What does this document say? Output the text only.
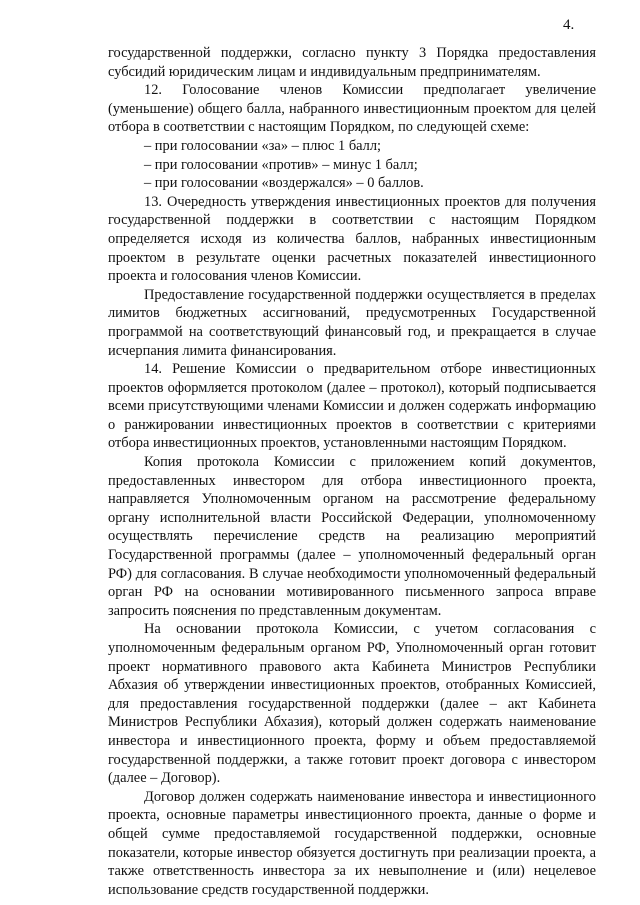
4.

государственной поддержки, согласно пункту 3 Порядка предоставления субсидий юридическим лицам и индивидуальным предпринимателям.

12. Голосование членов Комиссии предполагает увеличение (уменьшение) общего балла, набранного инвестиционным проектом для целей отбора в соответствии с настоящим Порядком, по следующей схеме:

– при голосовании «за» – плюс 1 балл;

– при голосовании «против» – минус 1 балл;

– при голосовании «воздержался» – 0 баллов.

13. Очередность утверждения инвестиционных проектов для получения государственной поддержки в соответствии с настоящим Порядком определяется исходя из количества баллов, набранных инвестиционным проектом в результате оценки расчетных показателей инвестиционного проекта и голосования членов Комиссии.

Предоставление государственной поддержки осуществляется в пределах лимитов бюджетных ассигнований, предусмотренных Государственной программой на соответствующий финансовый год, и прекращается в случае исчерпания лимита финансирования.

14. Решение Комиссии о предварительном отборе инвестиционных проектов оформляется протоколом (далее – протокол), который подписывается всеми присутствующими членами Комиссии и должен содержать информацию о ранжировании инвестиционных проектов в соответствии с критериями отбора инвестиционных проектов, установленными настоящим Порядком.

Копия протокола Комиссии с приложением копий документов, предоставленных инвестором для отбора инвестиционного проекта, направляется Уполномоченным органом на рассмотрение федеральному органу исполнительной власти Российской Федерации, уполномоченному осуществлять перечисление средств на реализацию мероприятий Государственной программы (далее – уполномоченный федеральный орган РФ) для согласования. В случае необходимости уполномоченный федеральный орган РФ на основании мотивированного письменного запроса вправе запросить пояснения по представленным документам.

На основании протокола Комиссии, с учетом согласования с уполномоченным федеральным органом РФ, Уполномоченный орган готовит проект нормативного правового акта Кабинета Министров Республики Абхазия об утверждении инвестиционных проектов, отобранных Комиссией, для предоставления государственной поддержки (далее – акт Кабинета Министров Республики Абхазия), который должен содержать наименование инвестора и инвестиционного проекта, форму и объем предоставляемой государственной поддержки, а также готовит проект договора с инвестором (далее – Договор).

Договор должен содержать наименование инвестора и инвестиционного проекта, основные параметры инвестиционного проекта, данные о форме и общей сумме предоставляемой государственной поддержки, основные показатели, которые инвестор обязуется достигнуть при реализации проекта, а также ответственность инвестора за их невыполнение и (или) нецелевое использование средств государственной поддержки.
